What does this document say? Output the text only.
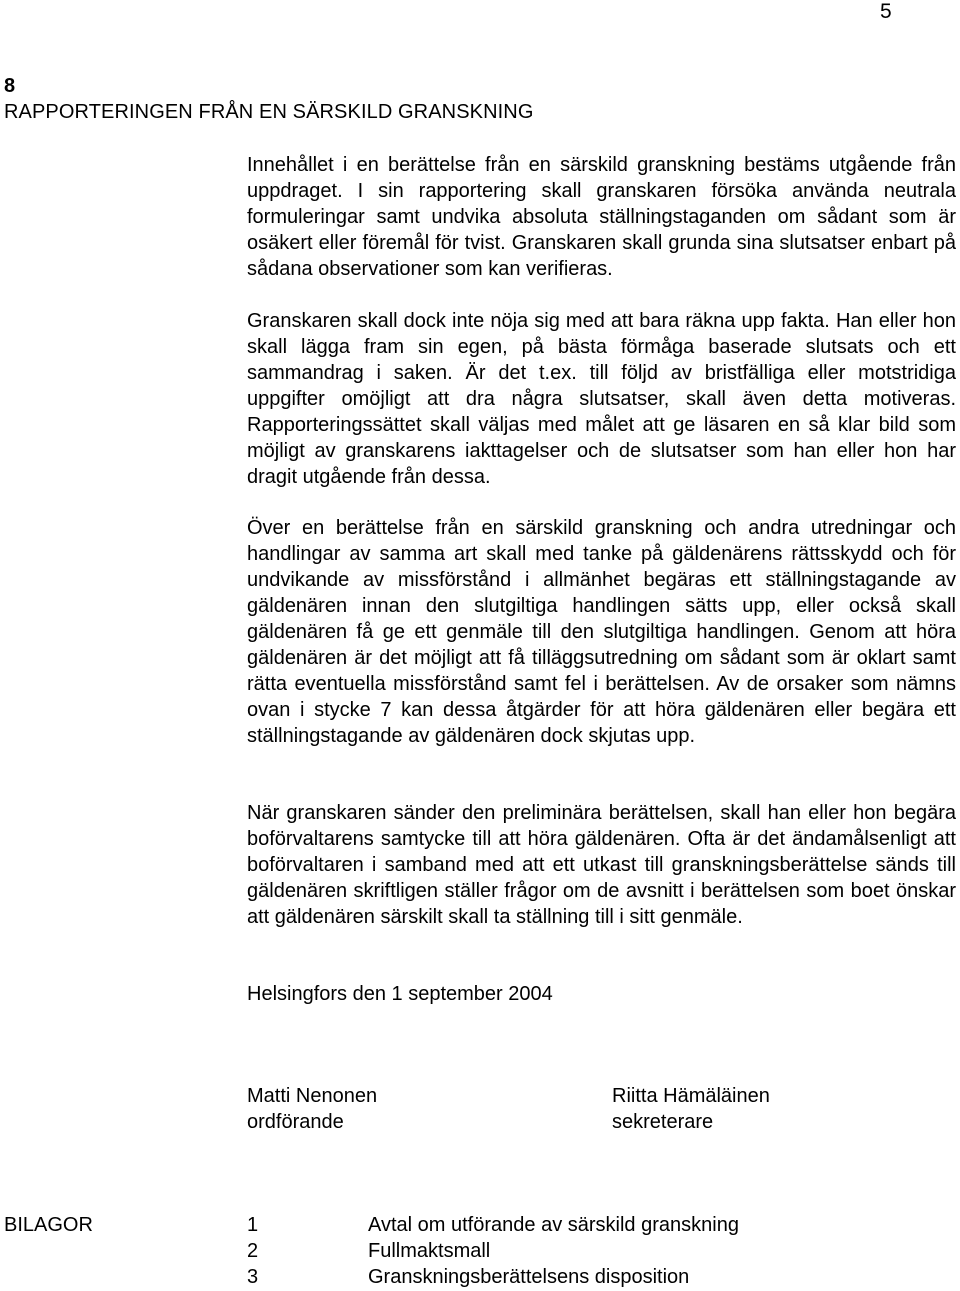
5
8
RAPPORTERINGEN FRÅN EN SÄRSKILD GRANSKNING

Innehållet i en berättelse från en särskild granskning bestäms utgående från uppdraget. I sin rapportering skall granskaren försöka använda neutrala formuleringar samt undvika absoluta ställningstaganden om sådant som är osäkert eller föremål för tvist. Granskaren skall grunda sina slutsatser enbart på sådana observationer som kan verifieras.

Granskaren skall dock inte nöja sig med att bara räkna upp fakta. Han eller hon skall lägga fram sin egen, på bästa förmåga baserade slutsats och ett sammandrag i saken. Är det t.ex. till följd av bristfälliga eller motstridiga uppgifter omöjligt att dra några slutsatser, skall även detta motiveras. Rapporteringssättet skall väljas med målet att ge läsaren en så klar bild som möjligt av granskarens iakttagelser och de slutsatser som han eller hon har dragit utgående från dessa.

Över en berättelse från en särskild granskning och andra utredningar och handlingar av samma art skall med tanke på gäldenärens rättsskydd och för undvikande av missförstånd i allmänhet begäras ett ställningstagande av gäldenären innan den slutgiltiga handlingen sätts upp, eller också skall gäldenären få ge ett genmäle till den slutgiltiga handlingen. Genom att höra gäldenären är det möjligt att få tilläggsutredning om sådant som är oklart samt rätta eventuella missförstånd samt fel i berättelsen. Av de orsaker som nämns ovan i stycke 7 kan dessa åtgärder för att höra gäldenären eller begära ett ställningstagande av gäldenären dock skjutas upp.

När granskaren sänder den preliminära berättelsen, skall han eller hon begära boförvaltarens samtycke till att höra gäldenären. Ofta är det ändamålsenligt att boförvaltaren i samband med att ett utkast till granskningsberättelse sänds till gäldenären skriftligen ställer frågor om de avsnitt i berättelsen som boet önskar att gäldenären särskilt skall ta ställning till i sitt genmäle.

Helsingfors den 1 september 2004
Matti Nenonen
ordförande
Riitta Hämäläinen
sekreterare
BILAGOR	1	Avtal om utförande av särskild granskning
2	Fullmaktsmall
3	Granskningsberättelsens disposition
